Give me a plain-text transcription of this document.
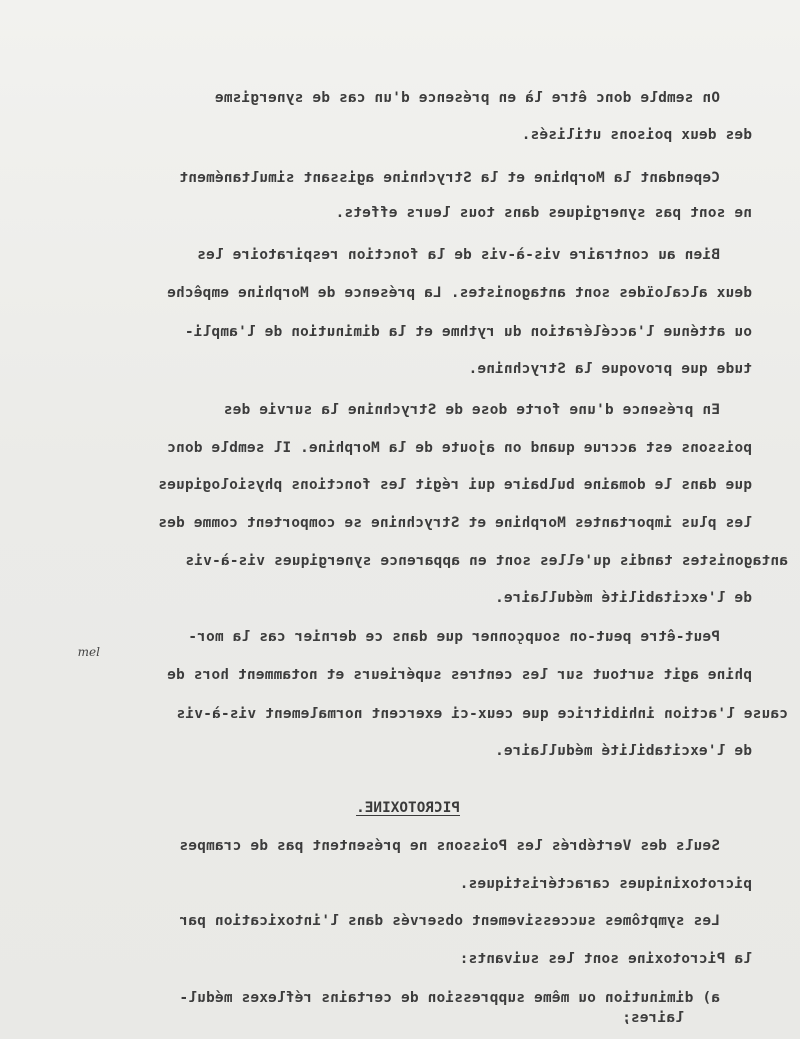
On semble donc être là en présence d'un cas de synergisme
des deux poisons utilisés.
Cependant la Morphine et la Strychnine agissant simultanément
ne sont pas synergiques dans tous leurs effets.
Bien au contraire vis-à-vis de la fonction respiratoire les
deux alcaloïdes sont antagonistes. La présence de Morphine empêche
ou atténue l'accélération du rythme et la diminution de l'ampli-
tude que provoque la Strychnine.
En présence d'une forte dose de Strychnine la survie des
poissons est accrue quand on ajoute de la Morphine. Il semble donc
que dans le domaine bulbaire qui régit les fonctions physiologiques
les plus importantes Morphine et Strychnine se comportent comme des
antagonistes tandis qu'elles sont en apparence synergiques vis-à-vis
de l'excitabilité médullaire.
Peut-être peut-on soupçonner que dans ce dernier cas la mor-
mel
phine agit surtout sur les centres supérieurs et notamment hors de
cause l'action inhibitrice que ceux-ci exercent normalement vis-à-vis
de l'excitabilité médullaire.
PICROTOXINE.
Seuls des Vertébrés les Poissons ne présentent pas de crampes
picrotoxiniques caractéristiques.
Les symptômes successivement observés dans l'intoxication par
la Picrotoxine sont les suivants:
a) diminution ou même suppression de certains réflexes médul-
laires;
